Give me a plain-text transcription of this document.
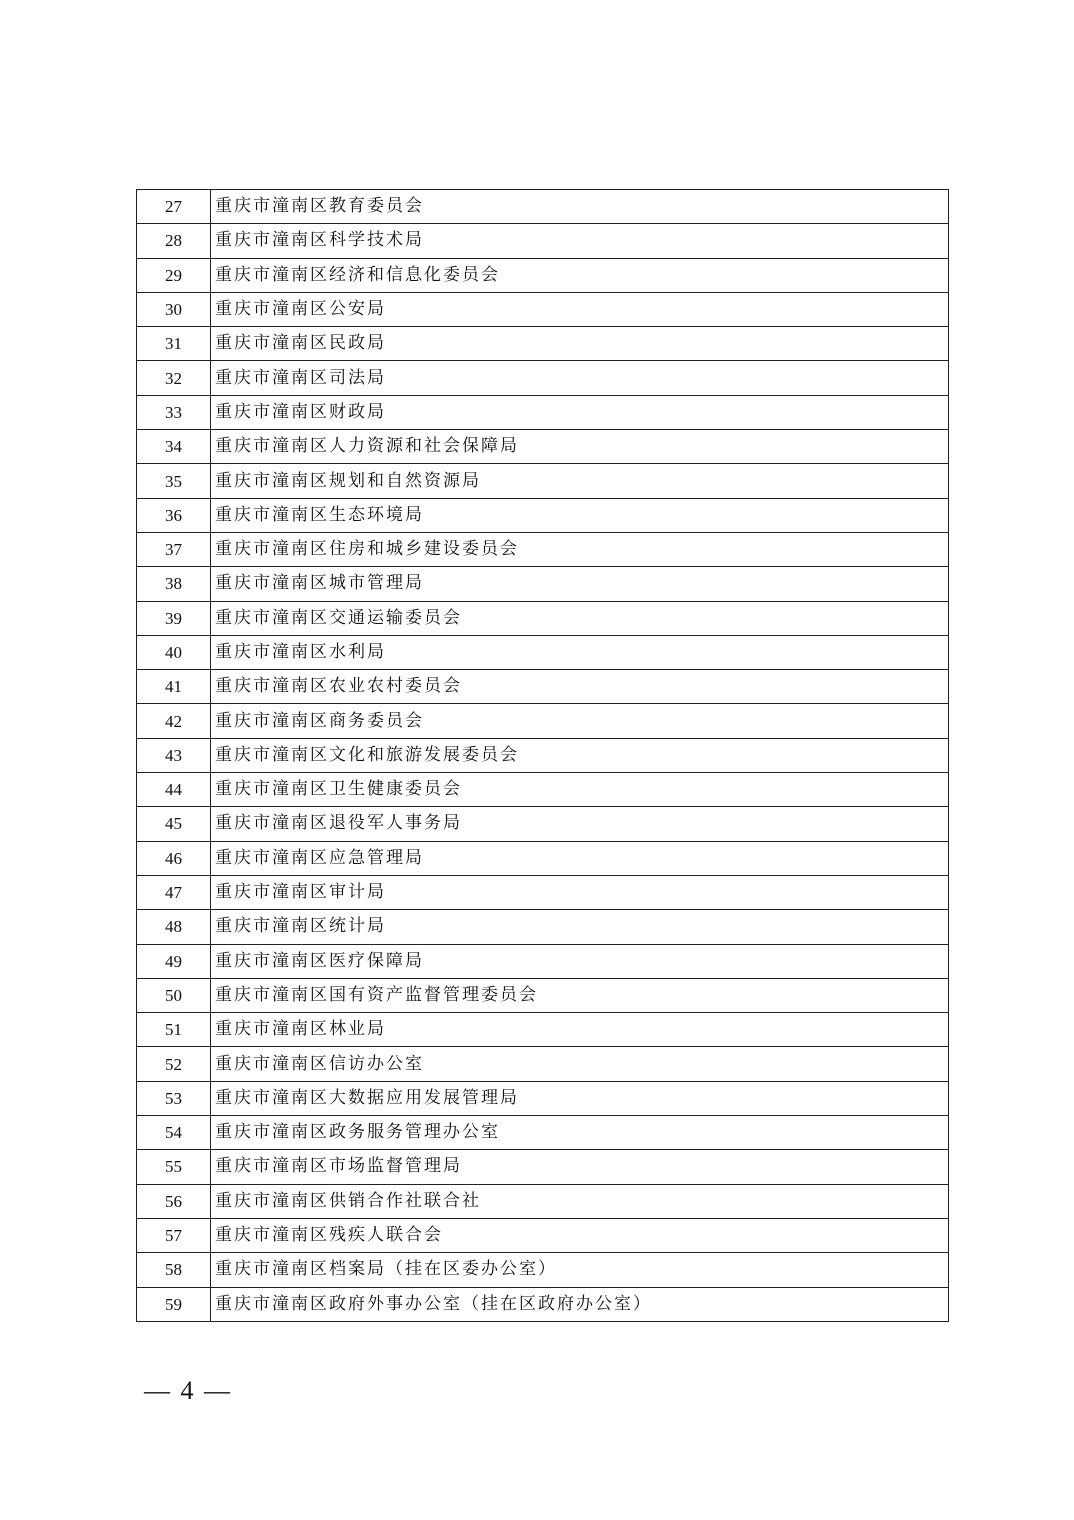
27	重庆市潼南区教育委员会
28	重庆市潼南区科学技术局
29	重庆市潼南区经济和信息化委员会
30	重庆市潼南区公安局
31	重庆市潼南区民政局
32	重庆市潼南区司法局
33	重庆市潼南区财政局
34	重庆市潼南区人力资源和社会保障局
35	重庆市潼南区规划和自然资源局
36	重庆市潼南区生态环境局
37	重庆市潼南区住房和城乡建设委员会
38	重庆市潼南区城市管理局
39	重庆市潼南区交通运输委员会
40	重庆市潼南区水利局
41	重庆市潼南区农业农村委员会
42	重庆市潼南区商务委员会
43	重庆市潼南区文化和旅游发展委员会
44	重庆市潼南区卫生健康委员会
45	重庆市潼南区退役军人事务局
46	重庆市潼南区应急管理局
47	重庆市潼南区审计局
48	重庆市潼南区统计局
49	重庆市潼南区医疗保障局
50	重庆市潼南区国有资产监督管理委员会
51	重庆市潼南区林业局
52	重庆市潼南区信访办公室
53	重庆市潼南区大数据应用发展管理局
54	重庆市潼南区政务服务管理办公室
55	重庆市潼南区市场监督管理局
56	重庆市潼南区供销合作社联合社
57	重庆市潼南区残疾人联合会
58	重庆市潼南区档案局（挂在区委办公室）
59	重庆市潼南区政府外事办公室（挂在区政府办公室）
— 4 —
